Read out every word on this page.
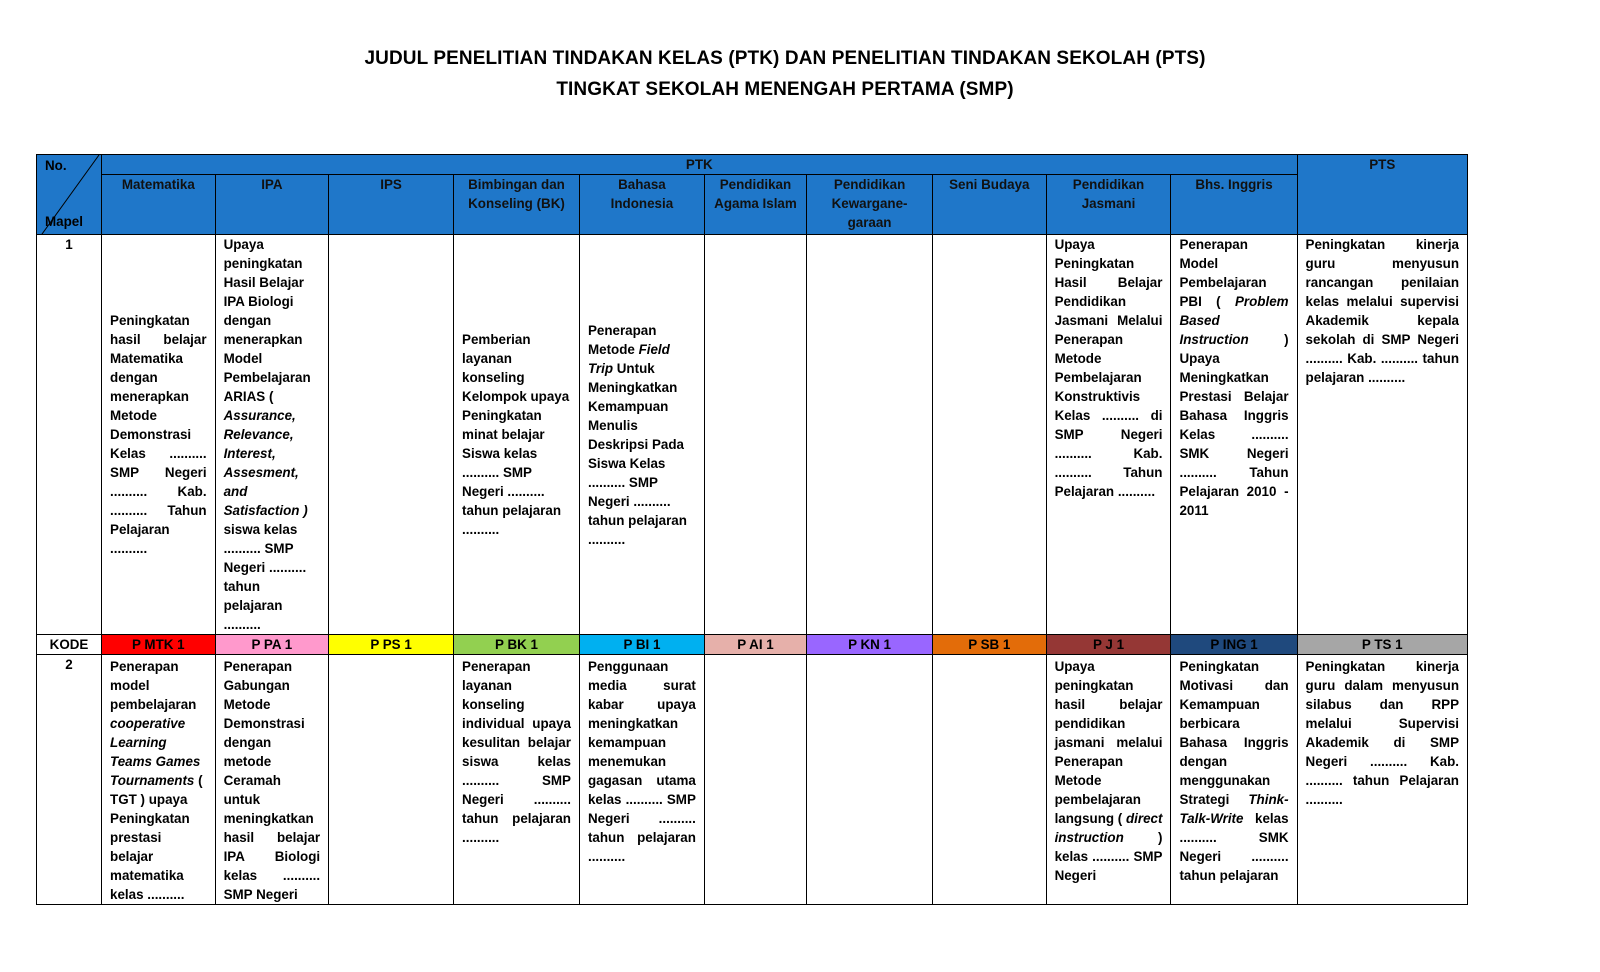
JUDUL PENELITIAN TINDAKAN KELAS (PTK) DAN PENELITIAN TINDAKAN SEKOLAH (PTS)
TINGKAT SEKOLAH MENENGAH PERTAMA (SMP)
No.
Mapel	PTK										PTS
	Matematika	IPA	IPS	Bimbingan dan Konseling (BK)	Bahasa Indonesia	Pendidikan Agama Islam	Pendidikan Kewargane-garaan	Seni Budaya	Pendidikan Jasmani	Bhs. Inggris	
1	Peningkatan hasil belajar Matematika dengan menerapkan Metode Demonstrasi Kelas .......... SMP Negeri .......... Kab. .......... Tahun Pelajaran ..........	Upaya peningkatan Hasil Belajar IPA Biologi dengan menerapkan Model Pembelajaran ARIAS ( Assurance, Relevance, Interest, Assesment, and Satisfaction ) siswa kelas .......... SMP Negeri .......... tahun pelajaran ..........		Pemberian layanan konseling Kelompok upaya Peningkatan minat belajar Siswa kelas .......... SMP Negeri .......... tahun pelajaran ..........	Penerapan Metode Field Trip Untuk Meningkatkan Kemampuan Menulis Deskripsi Pada Siswa Kelas .......... SMP Negeri .......... tahun pelajaran ..........				Upaya Peningkatan Hasil Belajar Pendidikan Jasmani Melalui Penerapan Metode Pembelajaran Konstruktivis Kelas .......... di SMP Negeri .......... Kab. .......... Tahun Pelajaran ..........	Penerapan Model Pembelajaran PBI ( Problem Based Instruction ) Upaya Meningkatkan Prestasi Belajar Bahasa Inggris Kelas .......... SMK Negeri .......... Tahun Pelajaran 2010 - 2011	Peningkatan kinerja guru menyusun rancangan penilaian kelas melalui supervisi Akademik kepala sekolah di SMP Negeri .......... Kab. .......... tahun pelajaran ..........

KODE	P MTK 1	P PA 1	P PS 1	P BK 1	P BI 1	P AI 1	P KN 1	P SB 1	P J 1	P ING 1	P TS 1
2	Penerapan model pembelajaran cooperative Learning Teams Games Tournaments ( TGT ) upaya Peningkatan prestasi belajar matematika kelas ..........	Penerapan Gabungan Metode Demonstrasi dengan metode Ceramah untuk meningkatkan hasil belajar IPA Biologi kelas .......... SMP Negeri		Penerapan layanan konseling individual upaya kesulitan belajar siswa kelas .......... SMP Negeri .......... tahun pelajaran ..........	Penggunaan media surat kabar upaya meningkatkan kemampuan menemukan gagasan utama kelas .......... SMP Negeri .......... tahun pelajaran ..........				Upaya peningkatan hasil belajar pendidikan jasmani melalui Penerapan Metode pembelajaran langsung ( direct instruction ) kelas .......... SMP Negeri	Peningkatan Motivasi dan Kemampuan berbicara Bahasa Inggris dengan menggunakan Strategi Think-Talk-Write kelas .......... SMK Negeri .......... tahun pelajaran	Peningkatan kinerja guru dalam menyusun silabus dan RPP melalui Supervisi Akademik di SMP Negeri .......... Kab. .......... tahun Pelajaran ..........
